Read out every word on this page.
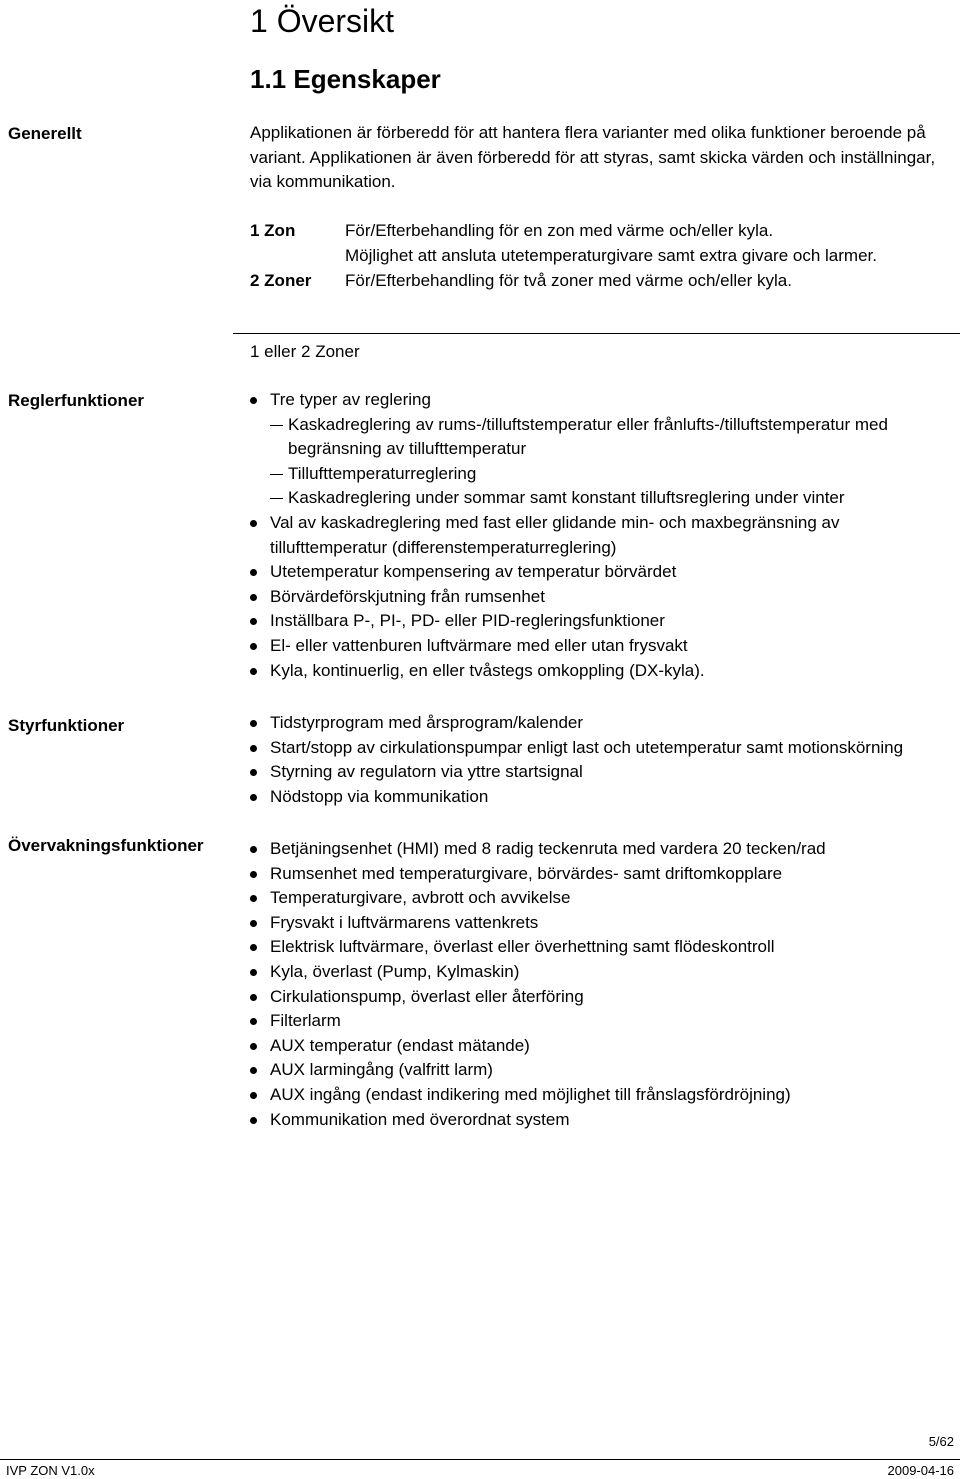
1 Översikt
1.1 Egenskaper
Generellt	Applikationen är förberedd för att hantera flera varianter med olika funktioner beroende på variant. Applikationen är även förberedd för att styras, samt skicka värden och inställningar, via kommunikation.
1 Zon	För/Efterbehandling för en zon med värme och/eller kyla.
Möjlighet att ansluta utetemperaturgivare samt extra givare och larmer.
2 Zoner För/Efterbehandling för två zoner med värme och/eller kyla.
1 eller 2 Zoner
Reglerfunktioner	Tre typer av reglering
Kaskadreglering av rums-/tilluftstemperatur eller frånlufts-/tilluftstemperatur med begränsning av tillufttemperatur
Tillufttemperaturreglering
Kaskadreglering under sommar samt konstant tilluftsreglering under vinter
Val av kaskadreglering med fast eller glidande min- och maxbegränsning av tillufttemperatur (differenstemperaturreglering)
Utetemperatur kompensering av temperatur börvärdet
Börvärdeförskjutning från rumsenhet
Inställbara P-, PI-, PD- eller PID-regleringsfunktioner
El- eller vattenburen luftvärmare med eller utan frysvakt
Kyla, kontinuerlig, en eller tvåstegs omkoppling (DX-kyla).
Styrfunktioner	Tidstyrprogram med årsprogram/kalender
Start/stopp av cirkulationspumpar enligt last och utetemperatur samt motionskörning
Styrning av regulatorn via yttre startsignal
Nödstopp via kommunikation
Övervakningsfunktioner	Betjäningsenhet (HMI) med 8 radig teckenruta med vardera 20 tecken/rad
Rumsenhet med temperaturgivare, börvärdes- samt driftomkopplare
Temperaturgivare, avbrott och avvikelse
Frysvakt i luftvärmarens vattenkrets
Elektrisk luftvärmare, överlast eller överhettning samt flödeskontroll
Kyla, överlast (Pump, Kylmaskin)
Cirkulationspump, överlast eller återföring
Filterlarm
AUX temperatur (endast mätande)
AUX larmingång (valfritt larm)
AUX ingång (endast indikering med möjlighet till frånslagsfördröjning)
Kommunikation med överordnat system
5/62
IVP ZON V1.0x	2009-04-16
